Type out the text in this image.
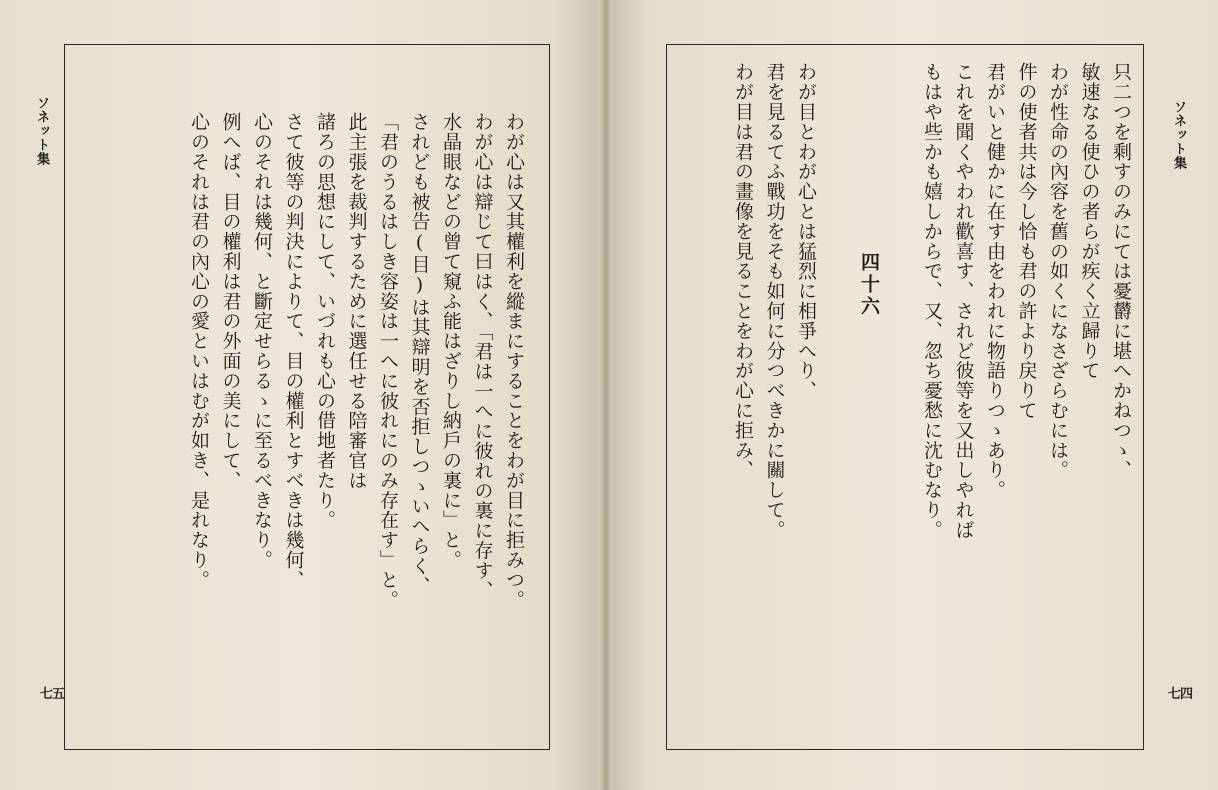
ソネット集	わが心は又其權利を縱まにすることをわが目に拒みつ。
わが心は辯じて曰はく、「君は一へに彼れの裏に存す、
水晶眼などの曾て窺ふ能はざりし納戶の裏に」と。
されども被告(目)は其辯明を否拒しつゝいへらく、
「君のうるはしき容姿は一へに彼れにのみ存在す」と。
此主張を裁判するために選任せる陪審官は
諸ろの思想にして、いづれも心の借地者たり。
さて彼等の判決によりて、目の權利とすべきは幾何、
心のそれは幾何、と斷定せらるゝに至るべきなり。
例へば、目の權利は君の外面の美にして、
心のそれは君の內心の愛といはむが如き、是れなり。
七五
ソネット集
只二つを剩すのみにては憂欝に堪へかねつゝ、
敏速なる使ひの者らが疾く立歸りて
わが性命の內容を舊の如くになさざらむには。
件の使者共は今し恰も君の許より戻りて
君がいと健かに在す由をわれに物語りつゝあり。
これを聞くやわれ歡喜す、されど彼等を又出しやれば
もはや些かも嬉しからで、又、忽ち憂愁に沈むなり。

四十六

わが目とわが心とは猛烈に相爭へり、
君を見るてふ戰功をそも如何に分つべきかに關して。
わが目は君の畫像を見ることをわが心に拒み、
七四
